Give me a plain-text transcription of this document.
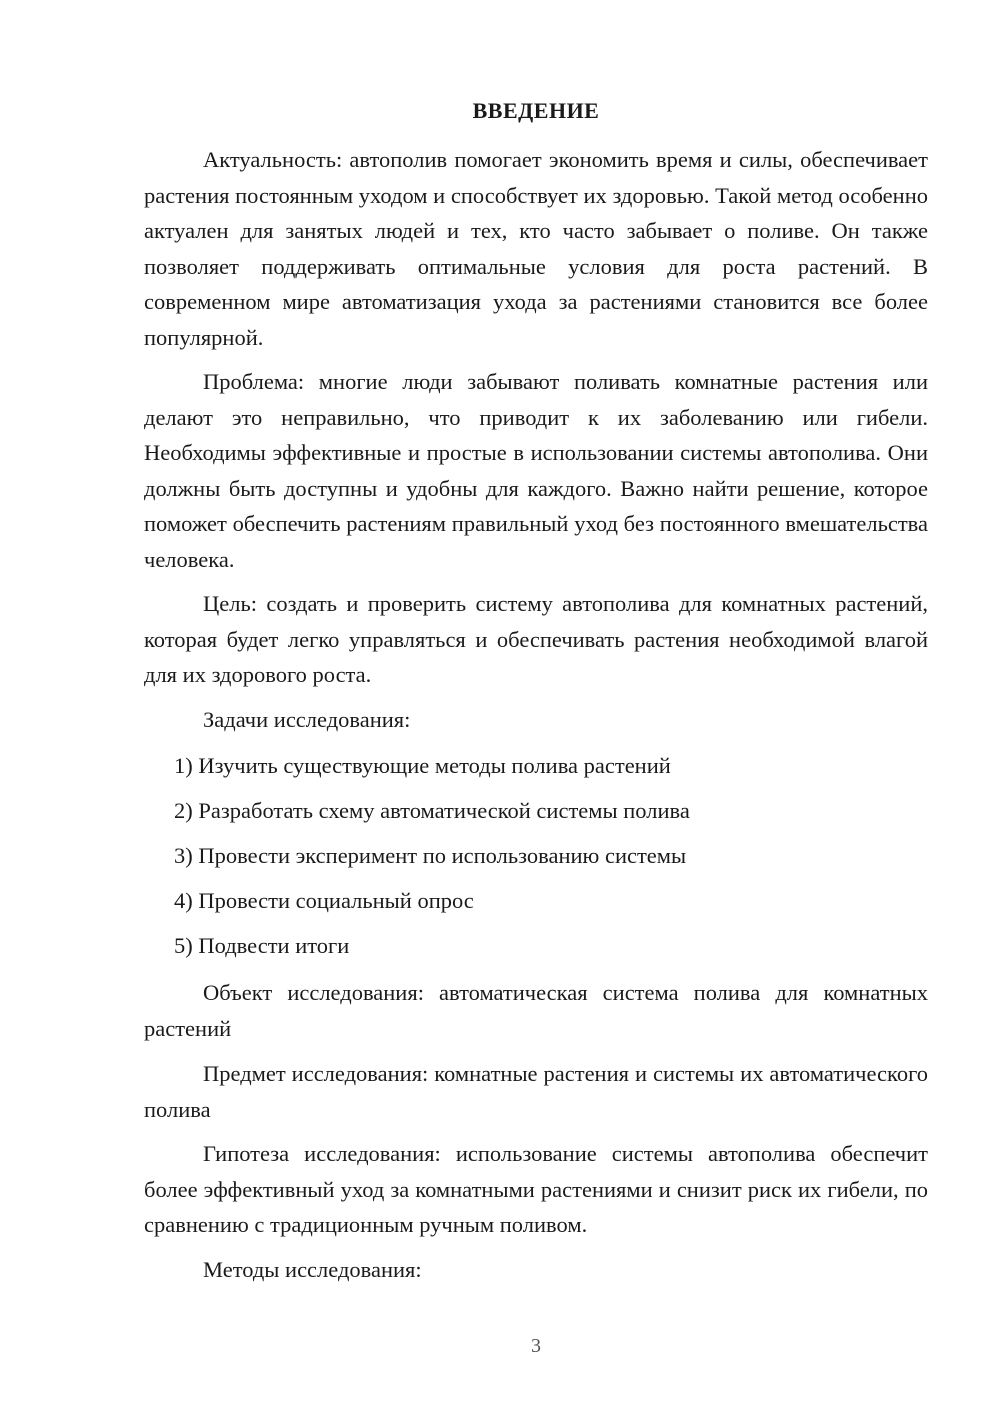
ВВЕДЕНИЕ

Актуальность: автополив помогает экономить время и силы, обеспечивает растения постоянным уходом и способствует их здоровью. Такой метод особенно актуален для занятых людей и тех, кто часто забывает о поливе. Он также позволяет поддерживать оптимальные условия для роста растений. В современном мире автоматизация ухода за растениями становится все более популярной.

Проблема: многие люди забывают поливать комнатные растения или делают это неправильно, что приводит к их заболеванию или гибели. Необходимы эффективные и простые в использовании системы автополива. Они должны быть доступны и удобны для каждого. Важно найти решение, которое поможет обеспечить растениям правильный уход без постоянного вмешательства человека.

Цель: создать и проверить систему автополива для комнатных растений, которая будет легко управляться и обеспечивать растения необходимой влагой для их здорового роста.

Задачи исследования:

1) Изучить существующие методы полива растений

2) Разработать схему автоматической системы полива

3) Провести эксперимент по использованию системы

4) Провести социальный опрос

5) Подвести итоги

Объект исследования: автоматическая система полива для комнатных растений

Предмет исследования: комнатные растения и системы их автоматического полива

Гипотеза исследования: использование системы автополива обеспечит более эффективный уход за комнатными растениями и снизит риск их гибели, по сравнению с традиционным ручным поливом.

Методы исследования:

3
